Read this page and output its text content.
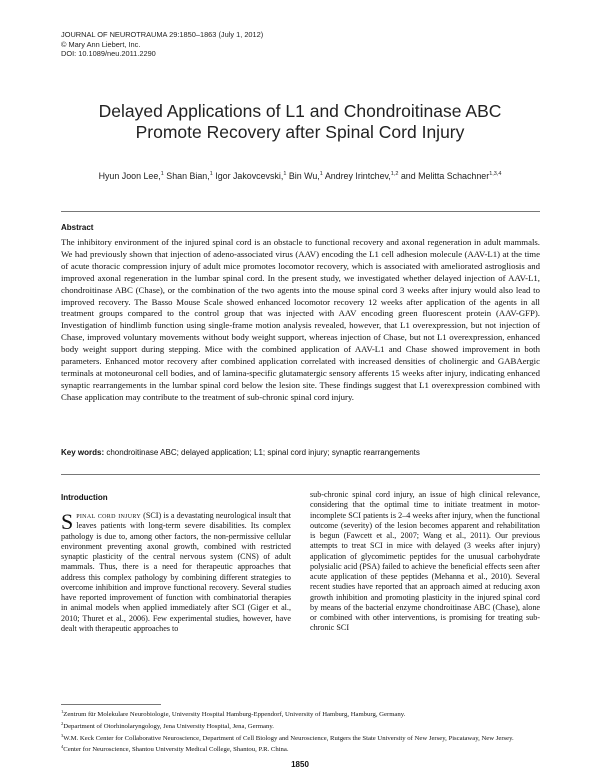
JOURNAL OF NEUROTRAUMA 29:1850–1863 (July 1, 2012)
© Mary Ann Liebert, Inc.
DOI: 10.1089/neu.2011.2290
Delayed Applications of L1 and Chondroitinase ABC
Promote Recovery after Spinal Cord Injury
Hyun Joon Lee,$^1$ Shan Bian,$^1$ Igor Jakovcevski,$^1$ Bin Wu,$^1$ Andrey Irintchev,$^{1,2}$ and Melitta Schachner$^{1,3,4}$
Abstract

The inhibitory environment of the injured spinal cord is an obstacle to functional recovery and axonal regeneration in adult mammals. We had previously shown that injection of adeno-associated virus (AAV) encoding the L1 cell adhesion molecule (AAV-L1) at the time of acute thoracic compression injury of adult mice promotes locomotor recovery, which is associated with ameliorated astrogliosis and improved axonal regeneration in the lumbar spinal cord. In the present study, we investigated whether delayed injection of AAV-L1, chondroitinase ABC (Chase), or the combination of the two agents into the mouse spinal cord 3 weeks after injury would also lead to improved recovery. The Basso Mouse Scale showed enhanced locomotor recovery 12 weeks after application of the agents in all treatment groups compared to the control group that was injected with AAV encoding green fluorescent protein (AAV-GFP). Investigation of hindlimb function using single-frame motion analysis revealed, however, that L1 overexpression, but not injection of Chase, improved voluntary movements without body weight support, whereas injection of Chase, but not L1 overexpression, enhanced body weight support during stepping. Mice with the combined application of AAV-L1 and Chase showed improvement in both parameters. Enhanced motor recovery after combined application correlated with increased densities of cholinergic and GABAergic terminals at motoneuronal cell bodies, and of lamina-specific glutamatergic sensory afferents 15 weeks after injury, indicating enhanced synaptic rearrangements in the lumbar spinal cord below the lesion site. These findings suggest that L1 overexpression combined with Chase application may contribute to the treatment of sub-chronic spinal cord injury.

Key words: chondroitinase ABC; delayed application; L1; spinal cord injury; synaptic rearrangements

Introduction

Spinal cord injury (SCI) is a devastating neurological insult that leaves patients with long-term severe disabilities. Its complex pathology is due to, among other factors, the non-permissive cellular environment preventing axonal growth, combined with restricted synaptic plasticity of the central nervous system (CNS) of adult mammals. Thus, there is a need for therapeutic approaches that address this complex pathology by combining different strategies to overcome inhibition and improve functional recovery. Several studies have reported improvement of function with combinatorial therapies in animal models when applied immediately after SCI (Giger et al., 2010; Thuret et al., 2006). Few experimental studies, however, have dealt with therapeutic approaches to

sub-chronic spinal cord injury, an issue of high clinical relevance, considering that the optimal time to initiate treatment in motor-incomplete SCI patients is 2–4 weeks after injury, when the functional outcome (severity) of the lesion becomes apparent and rehabilitation is begun (Fawcett et al., 2007; Wang et al., 2011). Our previous attempts to treat SCI in mice with delayed (3 weeks after injury) application of glycomimetic peptides for the unusual carbohydrate polysialic acid (PSA) failed to achieve the beneficial effects seen after acute application of these peptides (Mehanna et al., 2010). Several recent studies have reported that an approach aimed at reducing axon growth inhibition and promoting plasticity in the injured spinal cord by means of the bacterial enzyme chondroitinase ABC (Chase), alone or combined with other interventions, is promising for treating sub-chronic SCI

$^1$Zentrum für Molekulare Neurobiologie, University Hospital Hamburg-Eppendorf, University of Hamburg, Hamburg, Germany.
$^2$Department of Otorhinolaryngology, Jena University Hospital, Jena, Germany.
$^3$W.M. Keck Center for Collaborative Neuroscience, Department of Cell Biology and Neuroscience, Rutgers the State University of New Jersey, Piscataway, New Jersey.
$^4$Center for Neuroscience, Shantou University Medical College, Shantou, P.R. China.
1850
